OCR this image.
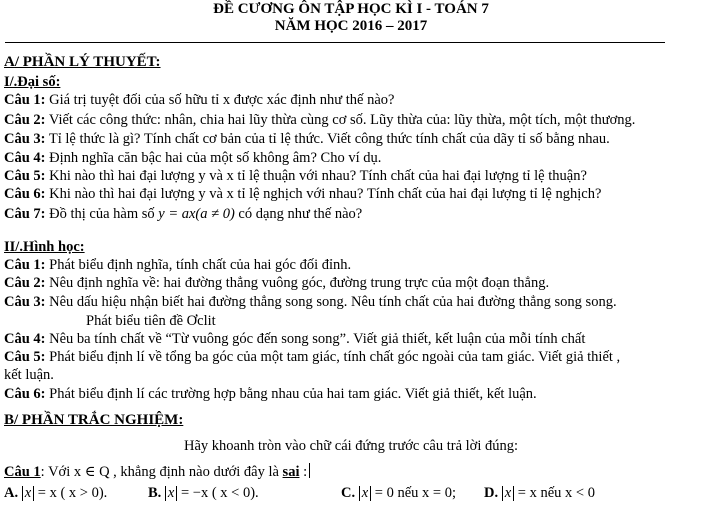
ĐỀ CƯƠNG ÔN TẬP HỌC KÌ I - TOÁN 7
NĂM HỌC 2016 – 2017
A/ PHẦN LÝ THUYẾT:
I/.Đại số:
Câu 1: Giá trị tuyệt đối của số hữu tỉ x được xác định như thế nào?
Câu 2: Viết các công thức: nhân, chia hai lũy thừa cùng cơ số. Lũy thừa của: lũy thừa, một tích, một thương.
Câu 3: Tỉ lệ thức là gì? Tính chất cơ bản của tỉ lệ thức. Viết công thức tính chất của dãy tỉ số bằng nhau.
Câu 4: Định nghĩa căn bậc hai của một số không âm? Cho ví dụ.
Câu 5: Khi nào thì hai đại lượng y và x tỉ lệ thuận với nhau? Tính chất của hai đại lượng tỉ lệ thuận?
Câu 6: Khi nào thì hai đại lượng y và x tỉ lệ nghịch với nhau? Tính chất của hai đại lượng tỉ lệ nghịch?
Câu 7: Đồ thị của hàm số y = ax(a ≠ 0) có dạng như thế nào?
II/.Hình học:
Câu 1: Phát biểu định nghĩa, tính chất của hai góc đối đỉnh.
Câu 2: Nêu định nghĩa về: hai đường thẳng vuông góc, đường trung trực của một đoạn thẳng.
Câu 3: Nêu dấu hiệu nhận biết hai đường thẳng song song. Nêu tính chất của hai đường thẳng song song.
Phát biểu tiên đề Ơclit
Câu 4: Nêu ba tính chất về “Từ vuông góc đến song song”. Viết giả thiết, kết luận của mỗi tính chất
Câu 5: Phát biểu định lí về tổng ba góc của một tam giác, tính chất góc ngoài của tam giác. Viết giả thiết ,
kết luận.
Câu 6: Phát biểu định lí các trường hợp bằng nhau của hai tam giác. Viết giả thiết, kết luận.
B/ PHẦN TRẮC NGHIỆM:
Hãy khoanh tròn vào chữ cái đứng trước câu trả lời đúng:
Câu 1: Với x ∈ Q , khẳng định nào dưới đây là sai :
A. x = x ( x > 0).	B. x = −x ( x < 0).	C. x = 0 nếu x = 0; D. x = x nếu x < 0
